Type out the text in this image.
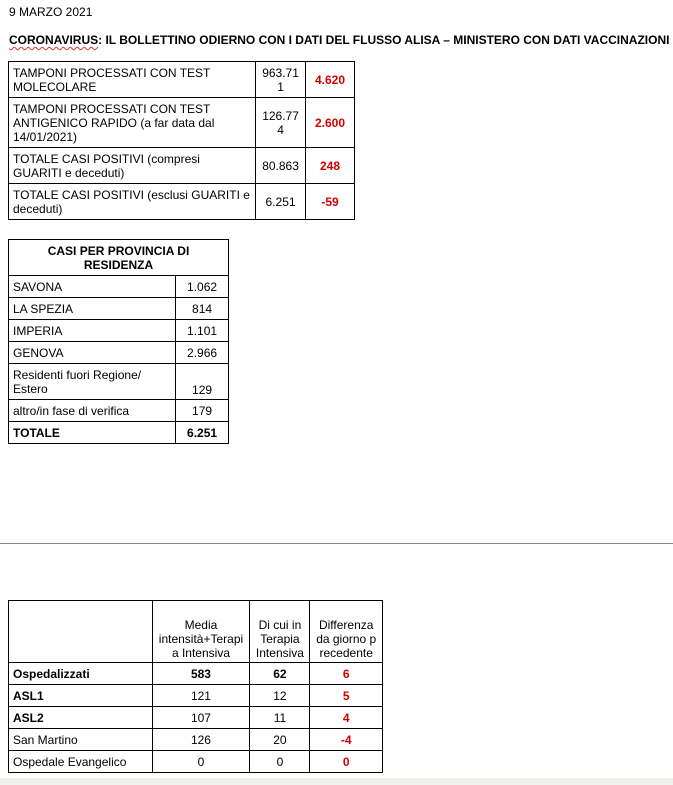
9 MARZO 2021
CORONAVIRUS: IL BOLLETTINO ODIERNO CON I DATI DEL FLUSSO ALISA – MINISTERO CON DATI VACCINAZIONI
TAMPONI PROCESSATI CON TEST MOLECOLARE	963.711	4.620
TAMPONI PROCESSATI CON TEST ANTIGENICO RAPIDO (a far data dal 14/01/2021)	126.774	2.600
TOTALE CASI POSITIVI (compresi GUARITI e deceduti)	80.863	248
TOTALE CASI POSITIVI (esclusi GUARITI e deceduti)	6.251	-59
CASI PER PROVINCIA DI RESIDENZA	
SAVONA	1.062
LA SPEZIA	814
IMPERIA	1.101
GENOVA	2.966
Residenti fuori Regione/ Estero	129
altro/in fase di verifica	179
TOTALE	6.251
	Media intensità+Terapi a Intensiva	Di cui in Terapia Intensiva	Differenza da giorno precedente
Ospedalizzati	583	62	6
ASL1	121	12	5
ASL2	107	11	4
San Martino	126	20	-4
Ospedale Evangelico	0	0	0
